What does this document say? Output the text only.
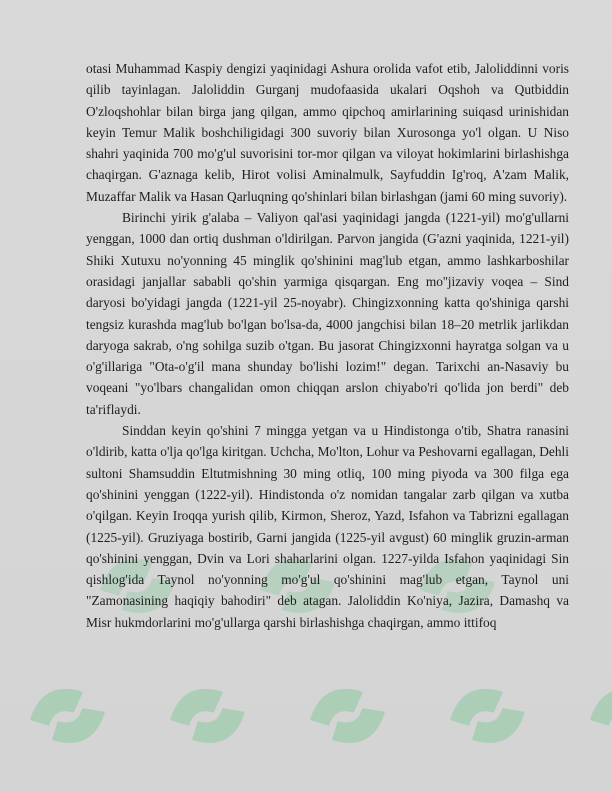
otasi Muhammad Kaspiy dengizi yaqinidagi Ashura orolida vafot etib, Jaloliddinni voris qilib tayinlagan. Jaloliddin Gurganj mudofaasida ukalari Oqshoh va Qutbiddin O'zloqshohlar bilan birga jang qilgan, ammo qipchoq amirlarining suiqasd urinishidan keyin Temur Malik boshchiligidagi 300 suvoriy bilan Xurosonga yo'l olgan. U Niso shahri yaqinida 700 mo'g'ul suvorisini tor-mor qilgan va viloyat hokimlarini birlashishga chaqirgan. G'aznaga kelib, Hirot volisi Aminalmulk, Sayfuddin Ig'roq, A'zam Malik, Muzaffar Malik va Hasan Qarluqning qo'shinlari bilan birlashgan (jami 60 ming suvoriy).

Birinchi yirik g'alaba – Valiyon qal'asi yaqinidagi jangda (1221-yil) mo'g'ullarni yenggan, 1000 dan ortiq dushman o'ldirilgan. Parvon jangida (G'azni yaqinida, 1221-yil) Shiki Xutuxu no'yonning 45 minglik qo'shinini mag'lub etgan, ammo lashkarboshilar orasidagi janjallar sababli qo'shin yarmiga qisqargan. Eng mo''jizaviy voqea – Sind daryosi bo'yidagi jangda (1221-yil 25-noyabr). Chingizxonning katta qo'shiniga qarshi tengsiz kurashda mag'lub bo'lgan bo'lsa-da, 4000 jangchisi bilan 18–20 metrlik jarlikdan daryoga sakrab, o'ng sohilga suzib o'tgan. Bu jasorat Chingizxonni hayratga solgan va u o'g'illariga "Ota-o'g'il mana shunday bo'lishi lozim!" degan. Tarixchi an-Nasaviy bu voqeani "yo'lbars changalidan omon chiqqan arslon chiyabo'ri qo'lida jon berdi" deb ta'riflaydi.

Sinddan keyin qo'shini 7 mingga yetgan va u Hindistonga o'tib, Shatra ranasini o'ldirib, katta o'lja qo'lga kiritgan. Uchcha, Mo'lton, Lohur va Peshovarni egallagan, Dehli sultoni Shamsuddin Eltutmishning 30 ming otliq, 100 ming piyoda va 300 filga ega qo'shinini yenggan (1222-yil). Hindistonda o'z nomidan tangalar zarb qilgan va xutba o'qilgan. Keyin Iroqqa yurish qilib, Kirmon, Sheroz, Yazd, Isfahon va Tabrizni egallagan (1225-yil). Gruziyaga bostirib, Garni jangida (1225-yil avgust) 60 minglik gruzin-arman qo'shinini yenggan, Dvin va Lori shaharlarini olgan. 1227-yilda Isfahon yaqinidagi Sin qishlog'ida Taynol no'yonning mo'g'ul qo'shinini mag'lub etgan, Taynol uni "Zamonasining haqiqiy bahodiri" deb atagan. Jaloliddin Ko'niya, Jazira, Damashq va Misr hukmdorlarini mo'g'ullarga qarshi birlashishga chaqirgan, ammo ittifoq
